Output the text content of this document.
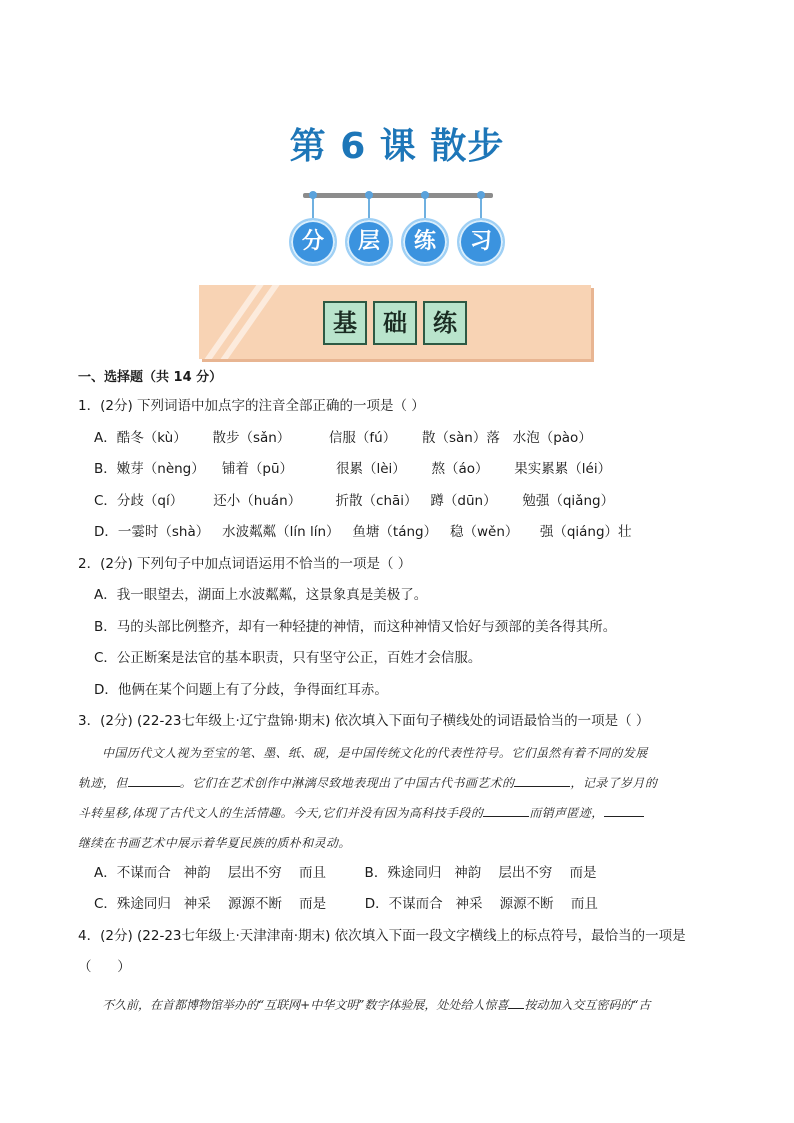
第 6 课 散步
分	层	练	习
基	础	练
一、选择题（共 14 分）
1．(2分) 下列词语中加点字的注音全部正确的一项是（ ）
A．酷冬（kù）      散步（sǎn）         信服（fú）      散（sàn）落   水泡（pào）
B．嫩芽（nèng）    铺着（pū）          很累（lèi）      熬（áo）      果实累累（léi）
C．分歧（qí）       还小（huán）        折散（chāi）   蹲（dūn）      勉强（qiǎng）
D．一霎时（shà）   水波粼粼（lín lín）   鱼塘（táng）   稳（wěn）     强（qiáng）壮
2．(2分) 下列句子中加点词语运用不恰当的一项是（ ）
A．我一眼望去，湖面上水波粼粼，这景象真是美极了。
B．马的头部比例整齐，却有一种轻捷的神情，而这种神情又恰好与颈部的美各得其所。
C．公正断案是法官的基本职责，只有坚守公正，百姓才会信服。
D．他俩在某个问题上有了分歧，争得面红耳赤。
3．(2分) (22-23七年级上·辽宁盘锦·期末) 依次填入下面句子横线处的词语最恰当的一项是（ ）
中国历代文人视为至宝的笔、墨、纸、砚，是中国传统文化的代表性符号。它们虽然有着不同的发展
轨迹，但	。它们在艺术创作中淋漓尽致地表现出了中国古代书画艺术的	，记录了岁月的
斗转星移,体现了古代文人的生活情趣。今天,它们并没有因为高科技手段的	而销声匿迹，
继续在书画艺术中展示着华夏民族的质朴和灵动。
A．不谋而合   神韵    层出不穷    而且         B．殊途同归   神韵    层出不穷    而是
C．殊途同归   神采    源源不断    而是         D．不谋而合   神采    源源不断    而且
4．(2分) (22-23七年级上·天津津南·期末) 依次填入下面一段文字横线上的标点符号，最恰当的一项是
（      ）
不久前，在首都博物馆举办的“互联网+中华文明”数字体验展，处处给人惊喜 按动加入交互密码的“古
